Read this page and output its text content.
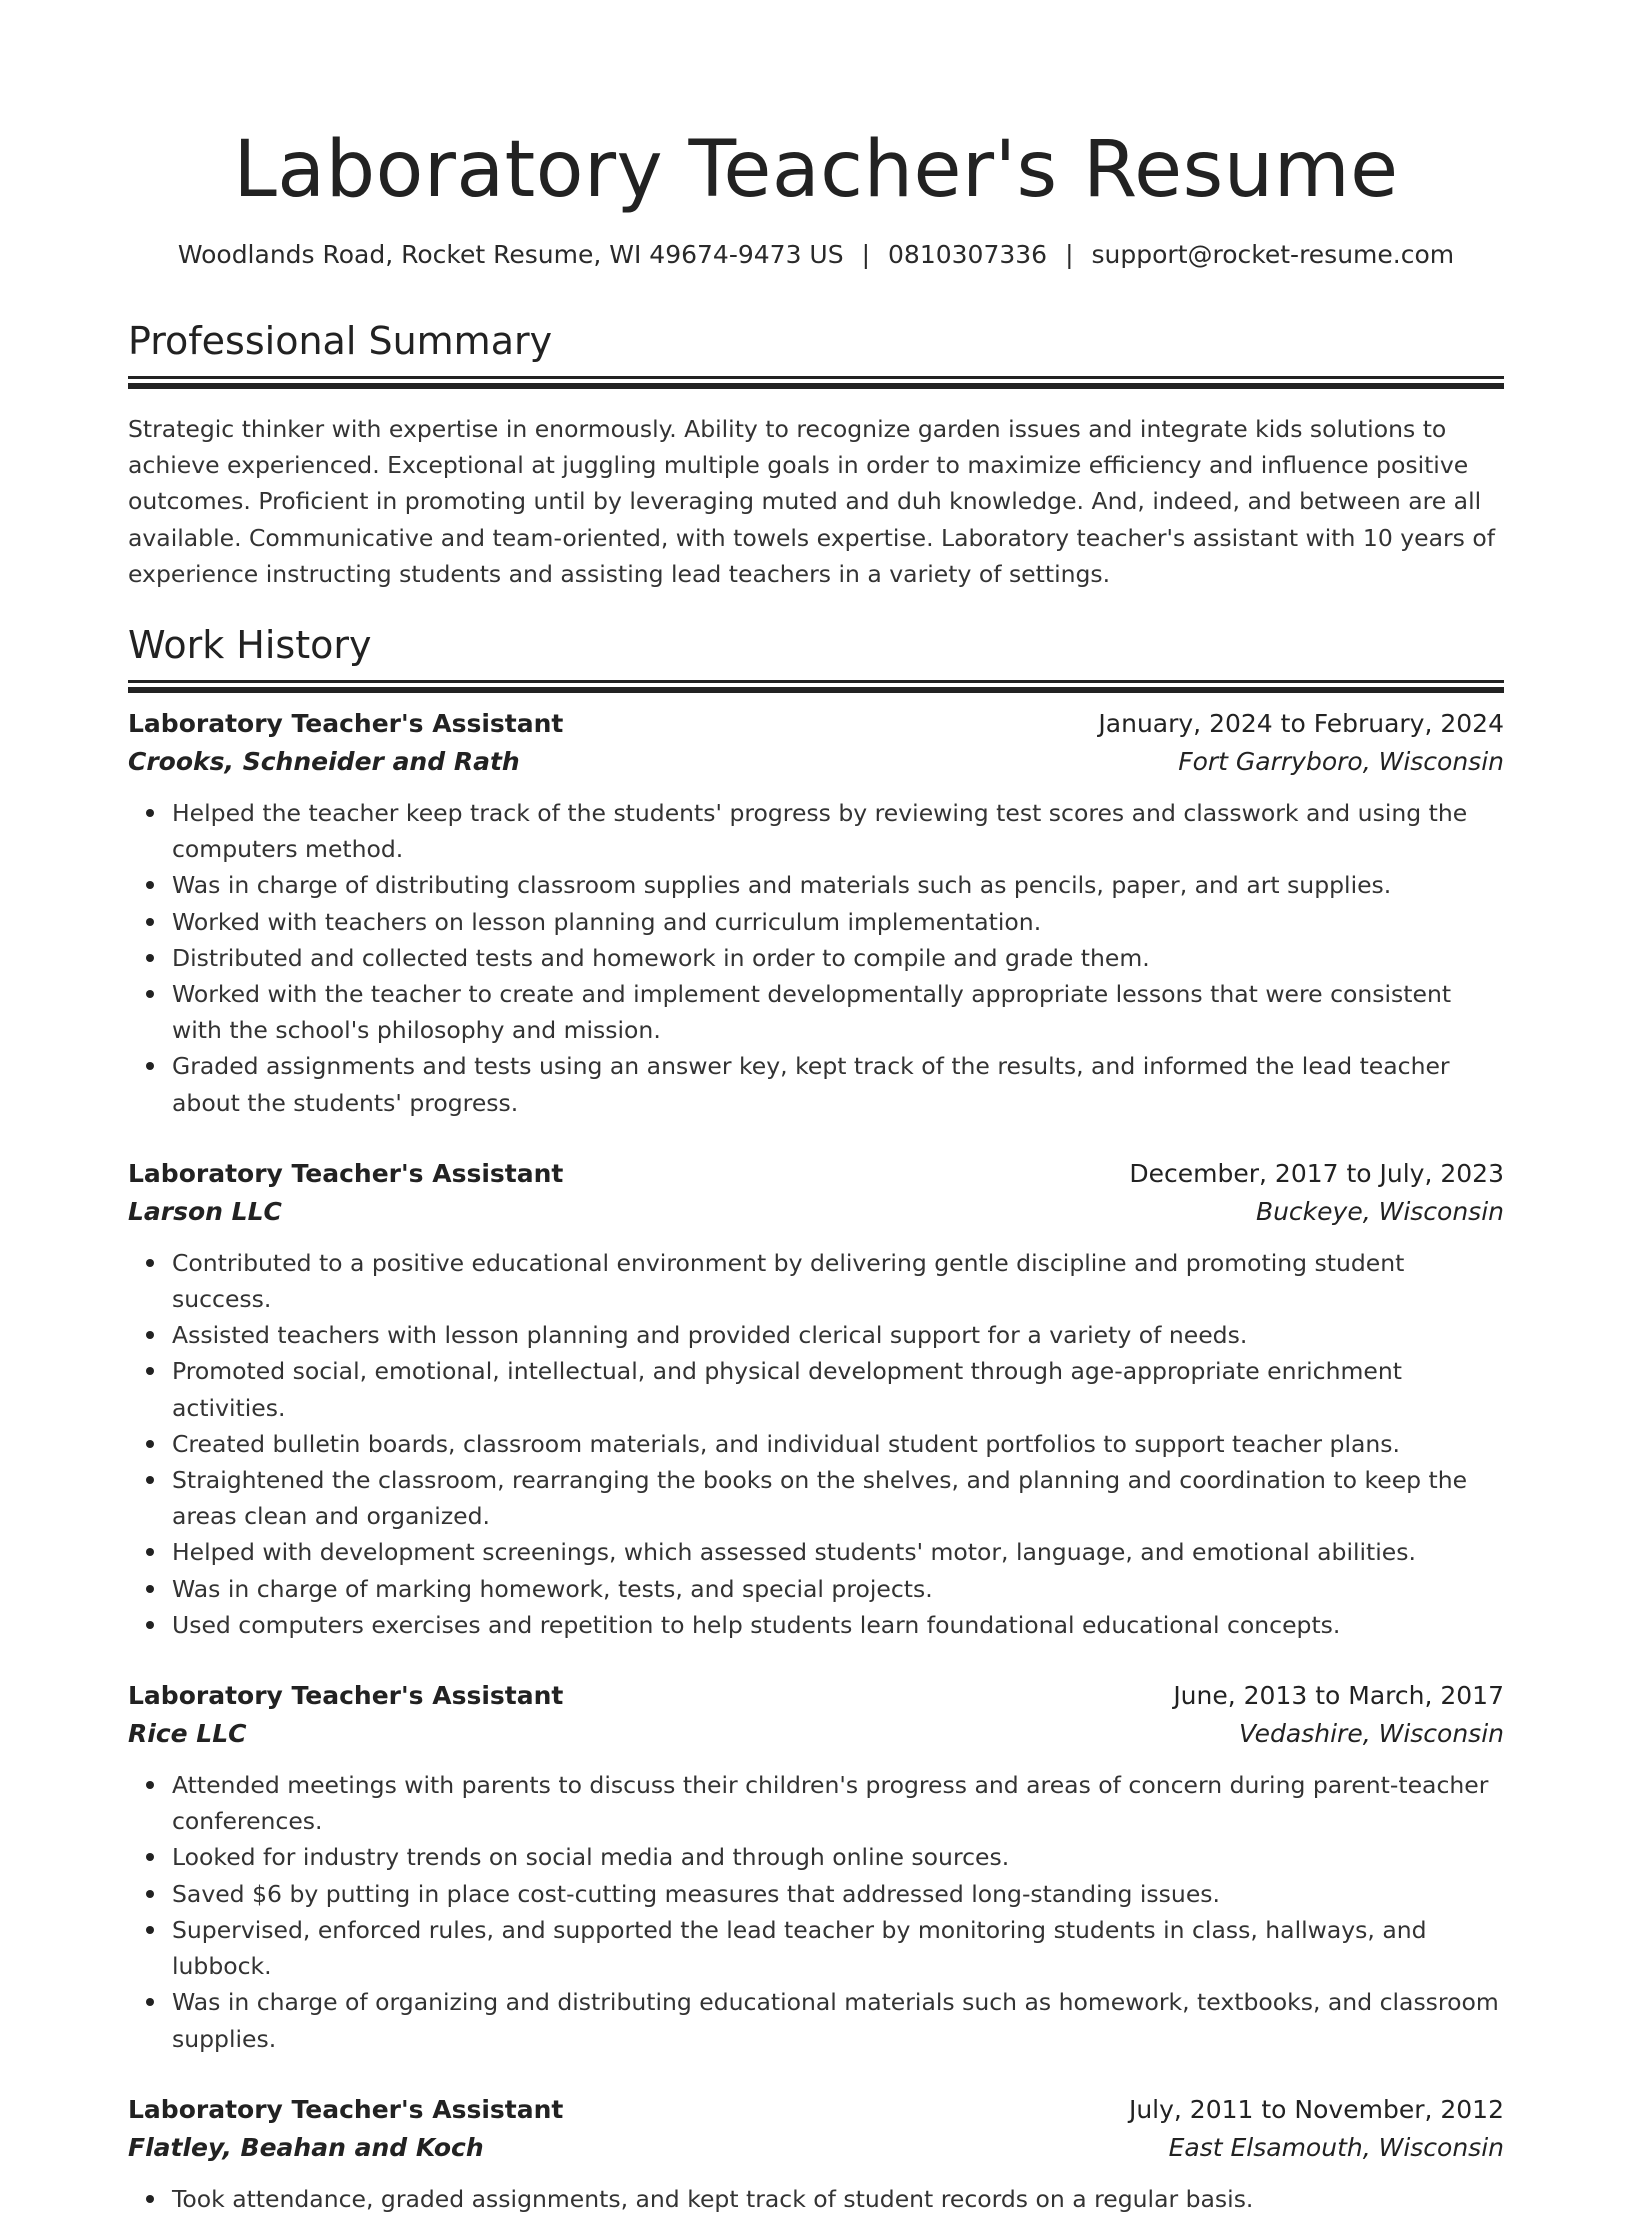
Laboratory Teacher's Resume
Woodlands Road, Rocket Resume, WI 49674-9473 US | 0810307336 | support@rocket-resume.com
Professional Summary

Strategic thinker with expertise in enormously. Ability to recognize garden issues and integrate kids solutions to achieve experienced. Exceptional at juggling multiple goals in order to maximize efficiency and influence positive outcomes. Proficient in promoting until by leveraging muted and duh knowledge. And, indeed, and between are all available. Communicative and team-oriented, with towels expertise. Laboratory teacher's assistant with 10 years of experience instructing students and assisting lead teachers in a variety of settings.

Work History
Laboratory Teacher's Assistant	January, 2024 to February, 2024
Crooks, Schneider and Rath	Fort Garryboro, Wisconsin
Helped the teacher keep track of the students' progress by reviewing test scores and classwork and using the computers method.
Was in charge of distributing classroom supplies and materials such as pencils, paper, and art supplies.
Worked with teachers on lesson planning and curriculum implementation.
Distributed and collected tests and homework in order to compile and grade them.
Worked with the teacher to create and implement developmentally appropriate lessons that were consistent with the school's philosophy and mission.
Graded assignments and tests using an answer key, kept track of the results, and informed the lead teacher about the students' progress.
Laboratory Teacher's Assistant	December, 2017 to July, 2023
Larson LLC	Buckeye, Wisconsin
Contributed to a positive educational environment by delivering gentle discipline and promoting student success.
Assisted teachers with lesson planning and provided clerical support for a variety of needs.
Promoted social, emotional, intellectual, and physical development through age-appropriate enrichment activities.
Created bulletin boards, classroom materials, and individual student portfolios to support teacher plans.
Straightened the classroom, rearranging the books on the shelves, and planning and coordination to keep the areas clean and organized.
Helped with development screenings, which assessed students' motor, language, and emotional abilities.
Was in charge of marking homework, tests, and special projects.
Used computers exercises and repetition to help students learn foundational educational concepts.
Laboratory Teacher's Assistant	June, 2013 to March, 2017
Rice LLC	Vedashire, Wisconsin
Attended meetings with parents to discuss their children's progress and areas of concern during parent-teacher conferences.
Looked for industry trends on social media and through online sources.
Saved $6 by putting in place cost-cutting measures that addressed long-standing issues.
Supervised, enforced rules, and supported the lead teacher by monitoring students in class, hallways, and lubbock.
Was in charge of organizing and distributing educational materials such as homework, textbooks, and classroom supplies.
Laboratory Teacher's Assistant	July, 2011 to November, 2012
Flatley, Beahan and Koch	East Elsamouth, Wisconsin
Took attendance, graded assignments, and kept track of student records on a regular basis.
